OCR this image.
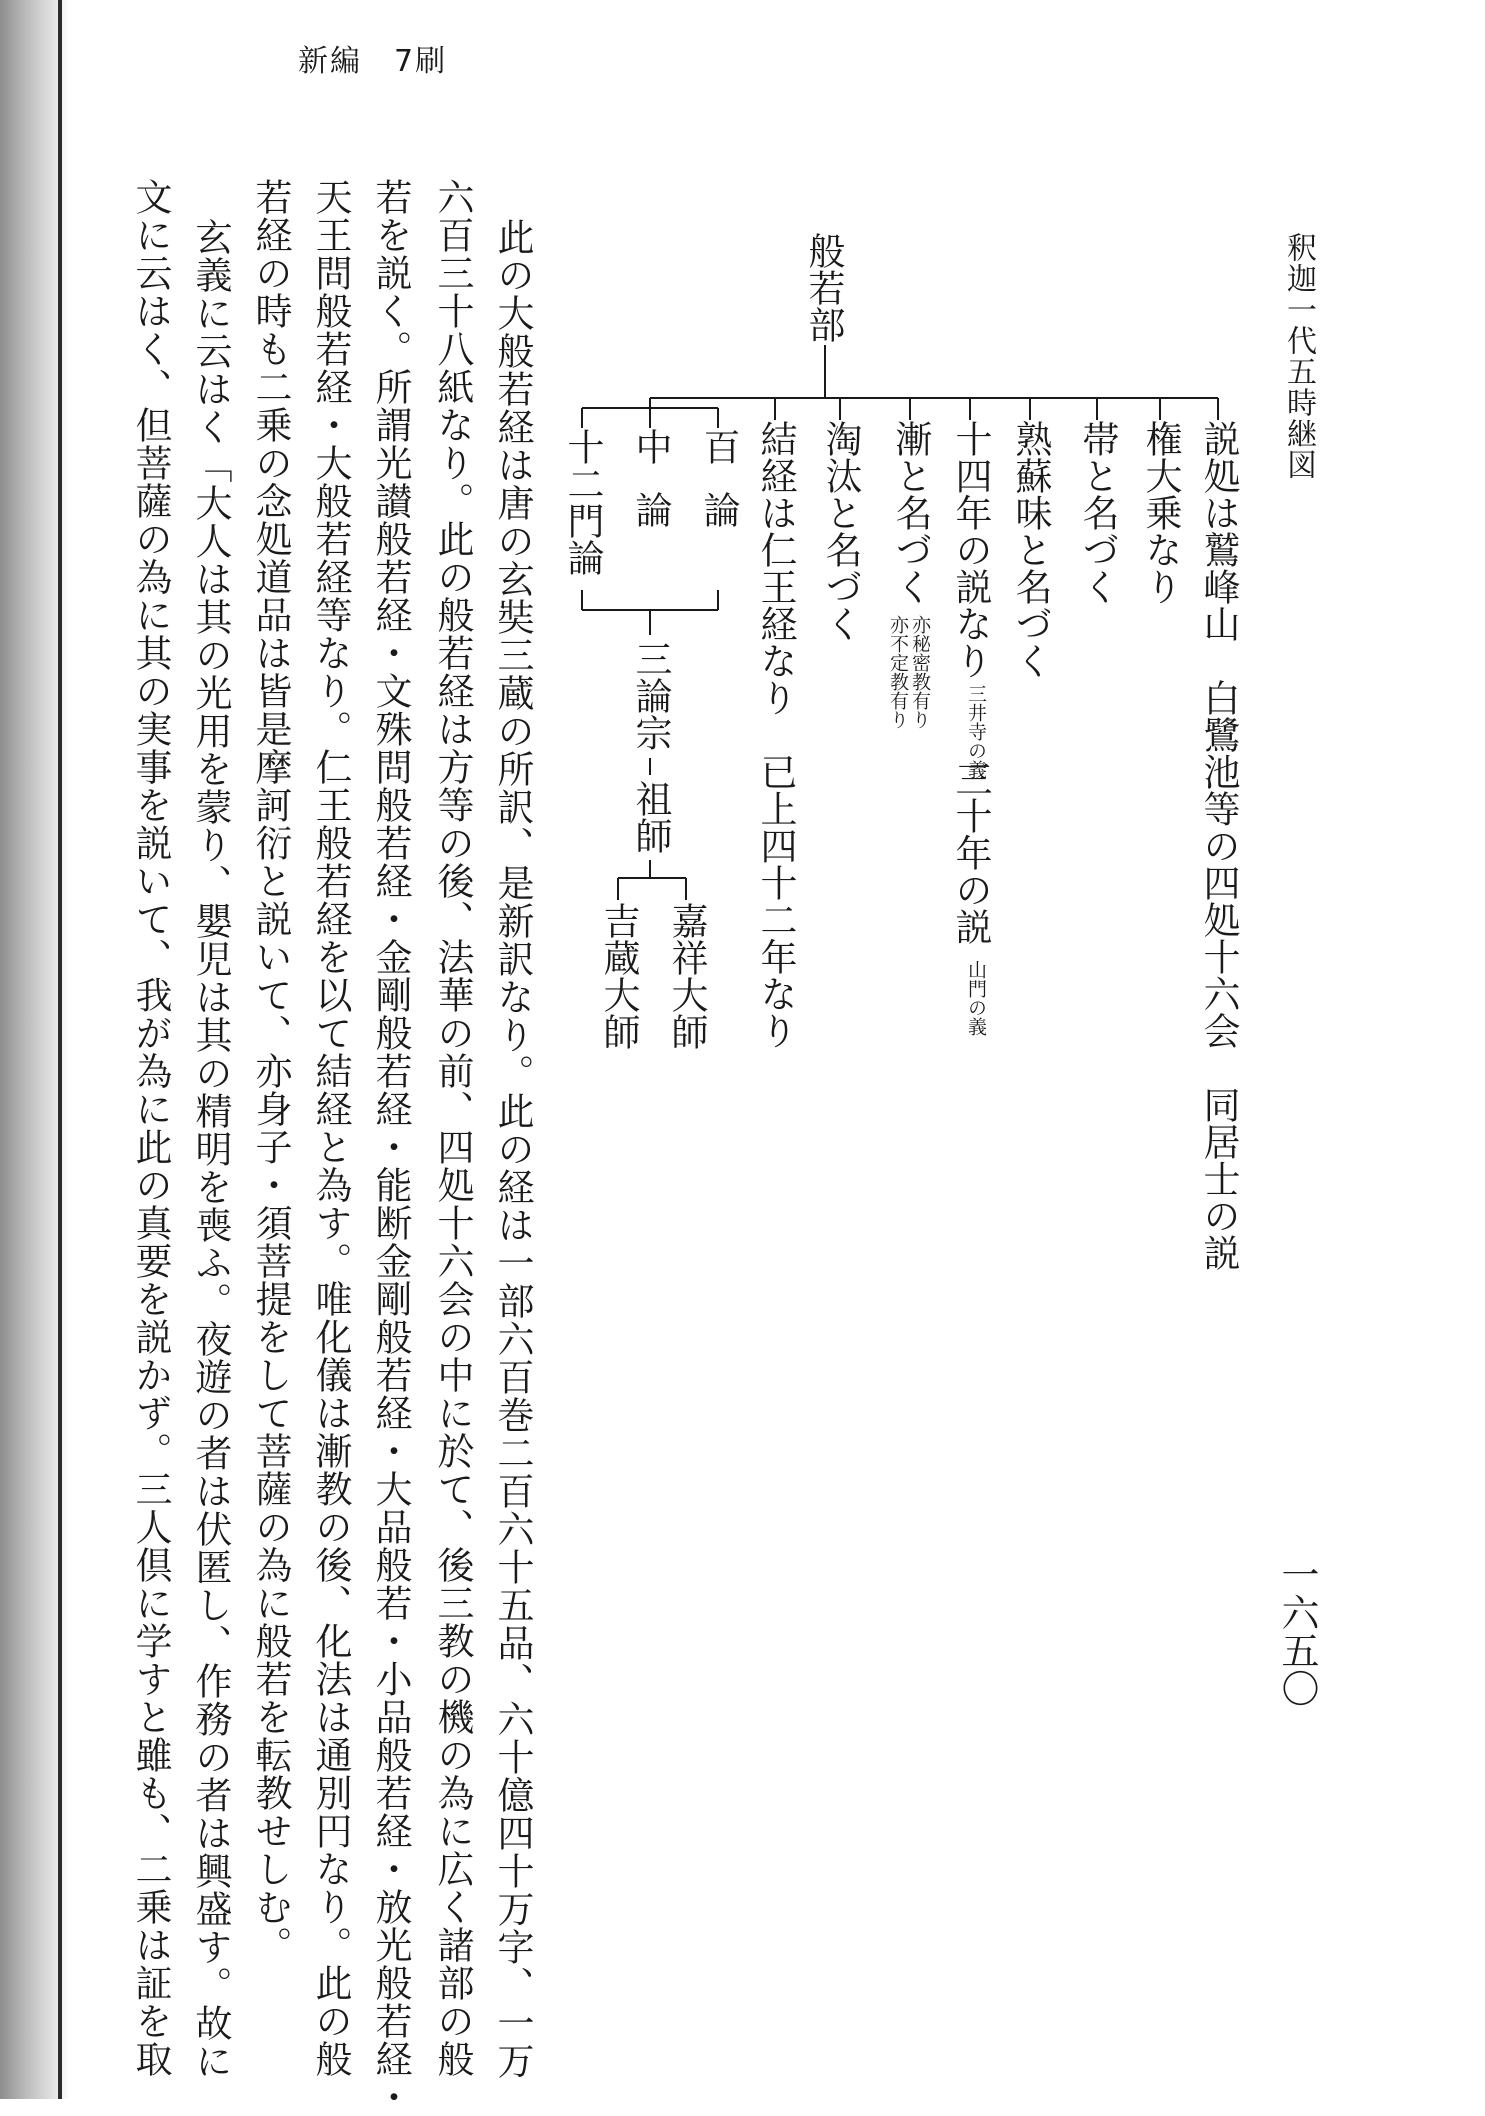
新編　7刷
釈迦一代五時継図
一六五〇
般若部
説処は鷲峰山　白鷺池等の四処十六会　同居士の説
権大乗なり
帯と名づく
熟蘇味と名づく
十四年の説なり
三井寺の義
三十年の説
山門の義
漸と名づく
亦秘密教有り
亦不定教有り
淘汰と名づく
結経は仁王経なり　已上四十二年なり
百論
中論
十二門論
三論宗
祖師
嘉祥大師
吉蔵大師
此の大般若経は唐の玄奘三蔵の所訳、是新訳なり。此の経は一部六百巻二百六十五品、六十億四十万字、一万
六百三十八紙なり。此の般若経は方等の後、法華の前、四処十六会の中に於て、後三教の機の為に広く諸部の般
若を説く。所謂光讃般若経・文殊問般若経・金剛般若経・能断金剛般若経・大品般若・小品般若経・放光般若経・
天王問般若経・大般若経等なり。仁王般若経を以て結経と為す。唯化儀は漸教の後、化法は通別円なり。此の般
若経の時も二乗の念処道品は皆是摩訶衍と説いて、亦身子・須菩提をして菩薩の為に般若を転教せしむ。
玄義に云はく「大人は其の光用を蒙り、嬰児は其の精明を喪ふ。夜遊の者は伏匿し、作務の者は興盛す。故に
文に云はく、但菩薩の為に其の実事を説いて、我が為に此の真要を説かず。三人倶に学すと雖も、二乗は証を取
